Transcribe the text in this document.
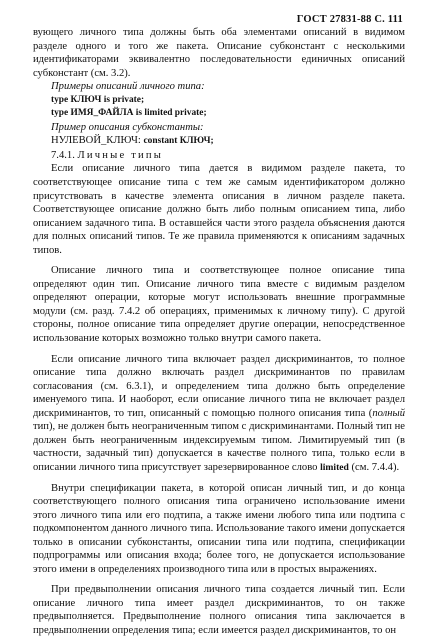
ГОСТ 27831-88 С. 111

вующего личного типа должны быть оба элементами описаний в видимом разделе одного и того же пакета. Описание субконстант с несколькими идентификаторами эквивалентно последовательности единичных описаний субконстант (см. 3.2).

Примеры описаний личного типа:
type КЛЮЧ is private;
type ИМЯ_ФАЙЛА is limited private;
Пример описания субконстанты:
НУЛЕВОЙ_КЛЮЧ: constant КЛЮЧ;
7.4.1. Личные типы

Если описание личного типа дается в видимом разделе пакета, то соответствующее описание типа с тем же самым идентификатором должно присутствовать в качестве элемента описания в личном разделе пакета. Соответствующее описание должно быть либо полным описанием типа, либо описанием задачного типа. В оставшейся части этого раздела объяснения даются для полных описаний типов. Те же правила применяются к описаниям задачных типов.

Описание личного типа и соответствующее полное описание типа определяют один тип. Описание личного типа вместе с видимым разделом определяют операции, которые могут использовать внешние программные модули (см. разд. 7.4.2 об операциях, применимых к личному типу). С другой стороны, полное описание типа определяет другие операции, непосредственное использование которых возможно только внутри самого пакета.

Если описание личного типа включает раздел дискриминантов, то полное описание типа должно включать раздел дискриминантов по правилам согласования (см. 6.3.1), и определением типа должно быть определение именуемого типа. И наоборот, если описание личного типа не включает раздел дискриминантов, то тип, описанный с помощью полного описания типа (полный тип), не должен быть неограниченным типом с дискриминантами. Полный тип не должен быть неограниченным индексируемым типом. Лимитируемый тип (в частности, задачный тип) допускается в качестве полного типа, только если в описании личного типа присутствует зарезервированное слово limited (см. 7.4.4).

Внутри спецификации пакета, в которой описан личный тип, и до конца соответствующего полного описания типа ограничено использование имени этого личного типа или его подтипа, а также имени любого типа или подтипа с подкомпонентом данного личного типа. Использование такого имени допускается только в описании субконстанты, описании типа или подтипа, спецификации подпрограммы или описания входа; более того, не допускается использование этого имени в определениях производного типа или в простых выражениях.

При предвыполнении описания личного типа создается личный тип. Если описание личного типа имеет раздел дискриминантов, то он также предвыполняется. Предвыполнение полного описания типа заключается в предвыполнении определения типа; если имеется раздел дискриминантов, то он
